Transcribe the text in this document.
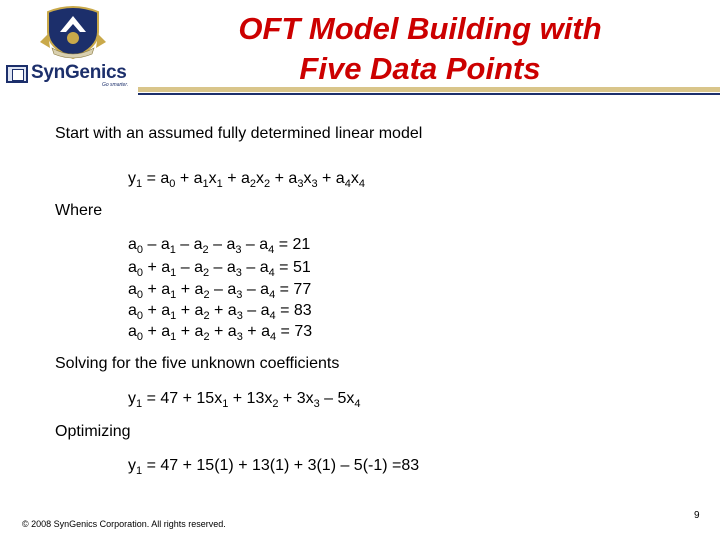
SynGenics
Go smarter.
OFT Model Building with
Five Data Points
Start with an assumed fully determined linear model
$y_1 = a_0 + a_1x_1 + a_2x_2 + a_3x_3 + a_4x_4$
Where
$a_0 - a_1 - a_2 - a_3 - a_4 = 21$
$a_0 + a_1 - a_2 - a_3 - a_4 = 51$
$a_0 + a_1 + a_2 - a_3 - a_4 = 77$
$a_0 + a_1 + a_2 + a_3 - a_4 = 83$
$a_0 + a_1 + a_2 + a_3 + a_4 = 73$
Solving for the five unknown coefficients
$y_1 = 47 + 15x_1 + 13x_2 + 3x_3 - 5x_4$
Optimizing
$y_1 = 47 + 15(1) + 13(1) + 3(1) - 5(-1) =83$
© 2008 SynGenics Corporation. All rights reserved.
9
